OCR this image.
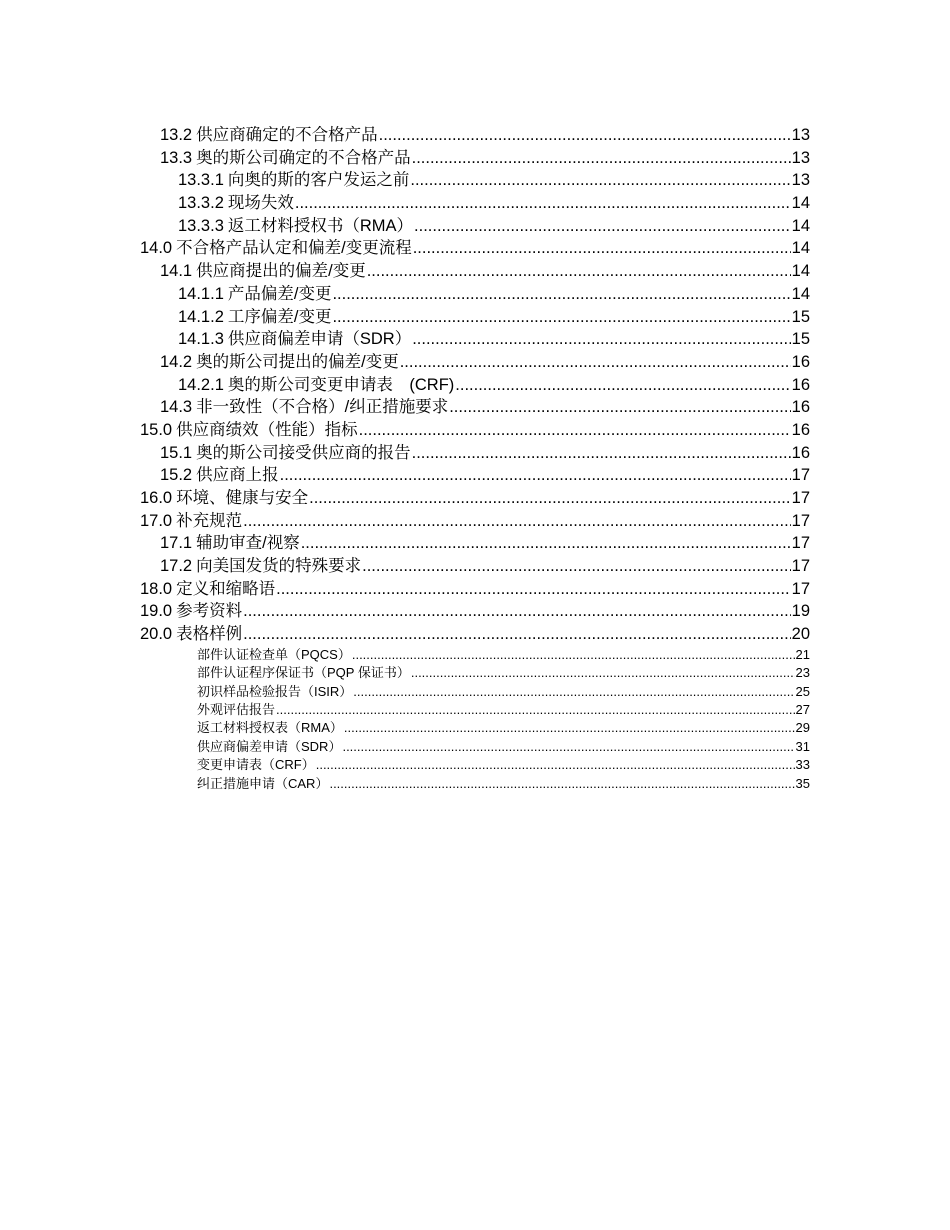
13.2 供应商确定的不合格产品 .....	13
13.3 奥的斯公司确定的不合格产品 .....	13
13.3.1 向奥的斯的客户发运之前 .....	13
13.3.2 现场失效 .....	14
13.3.3 返工材料授权书（RMA） .....	14
14.0 不合格产品认定和偏差/变更流程 .....	14
14.1 供应商提出的偏差/变更 .....	14
14.1.1 产品偏差/变更 .....	14
14.1.2 工序偏差/变更 .....	15
14.1.3 供应商偏差申请（SDR） .....	15
14.2 奥的斯公司提出的偏差/变更 .....	16
14.2.1 奥的斯公司变更申请表　(CRF) .....	16
14.3 非一致性（不合格）/纠正措施要求 .....	16
15.0 供应商绩效（性能）指标 .....	16
15.1 奥的斯公司接受供应商的报告 .....	16
15.2 供应商上报 .....	17
16.0 环境、健康与安全 .....	17
17.0 补充规范 .....	17
17.1 辅助审查/视察 .....	17
17.2 向美国发货的特殊要求 .....	17
18.0 定义和缩略语 .....	17
19.0 参考资料 .....	19
20.0 表格样例 .....	20
部件认证检查单（PQCS） .....	21
部件认证程序保证书（PQP 保证书） .....	23
初识样品检验报告（ISIR） .....	25
外观评估报告 .....	27
返工材料授权表（RMA） .....	29
供应商偏差申请（SDR） .....	31
变更申请表（CRF） .....	33
纠正措施申请（CAR） .....	35
